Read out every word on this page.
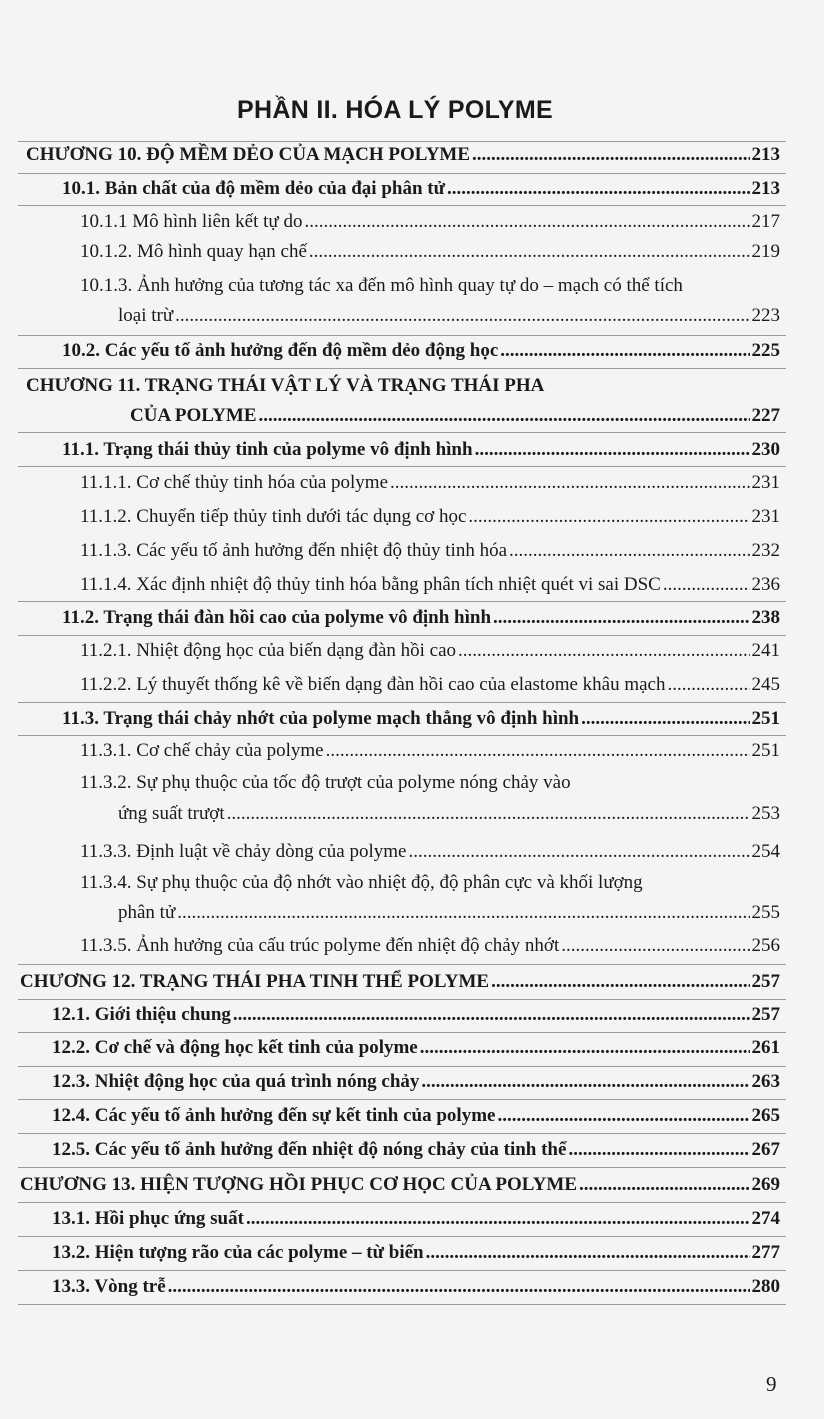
PHẦN II. HÓA LÝ POLYME
CHƯƠNG 10. ĐỘ MỀM DẺO CỦA MẠCH POLYME .....	213
10.1. Bản chất của độ mềm dẻo của đại phân tử .....	213
10.1.1 Mô hình liên kết tự do .....	217
10.1.2. Mô hình quay hạn chế .....	219
10.1.3. Ảnh hưởng của tương tác xa đến mô hình quay tự do – mạch có thể tích
loại trừ .....	223
10.2. Các yếu tố ảnh hưởng đến độ mềm dẻo động học .....	225
CHƯƠNG 11. TRẠNG THÁI VẬT LÝ VÀ TRẠNG THÁI PHA
CỦA POLYME .....	227
11.1. Trạng thái thủy tinh của polyme vô định hình .....	230
11.1.1. Cơ chế thủy tinh hóa của polyme .....	231
11.1.2. Chuyển tiếp thủy tinh dưới tác dụng cơ học .....	231
11.1.3. Các yếu tố ảnh hưởng đến nhiệt độ thủy tinh hóa .....	232
11.1.4. Xác định nhiệt độ thủy tinh hóa bằng phân tích nhiệt quét vi sai DSC .....	236
11.2. Trạng thái đàn hồi cao của polyme vô định hình .....	238
11.2.1. Nhiệt động học của biến dạng đàn hồi cao .....	241
11.2.2. Lý thuyết thống kê về biến dạng đàn hồi cao của elastome khâu mạch .....	245
11.3. Trạng thái chảy nhớt của polyme mạch thẳng vô định hình .....	251
11.3.1. Cơ chế chảy của polyme .....	251
11.3.2. Sự phụ thuộc của tốc độ trượt của polyme nóng chảy vào
ứng suất trượt .....	253
11.3.3. Định luật về chảy dòng của polyme .....	254
11.3.4. Sự phụ thuộc của độ nhớt vào nhiệt độ, độ phân cực và khối lượng
phân tử .....	255
11.3.5. Ảnh hưởng của cấu trúc polyme đến nhiệt độ chảy nhớt .....	256
CHƯƠNG 12. TRẠNG THÁI PHA TINH THỂ POLYME .....	257
12.1. Giới thiệu chung .....	257
12.2. Cơ chế và động học kết tinh của polyme .....	261
12.3. Nhiệt động học của quá trình nóng chảy .....	263
12.4. Các yếu tố ảnh hưởng đến sự kết tinh của polyme .....	265
12.5. Các yếu tố ảnh hưởng đến nhiệt độ nóng chảy của tinh thể .....	267
CHƯƠNG 13. HIỆN TƯỢNG HỒI PHỤC CƠ HỌC CỦA POLYME .....	269
13.1. Hồi phục ứng suất .....	274
13.2. Hiện tượng rão của các polyme – từ biến .....	277
13.3. Vòng trễ .....	280
9
